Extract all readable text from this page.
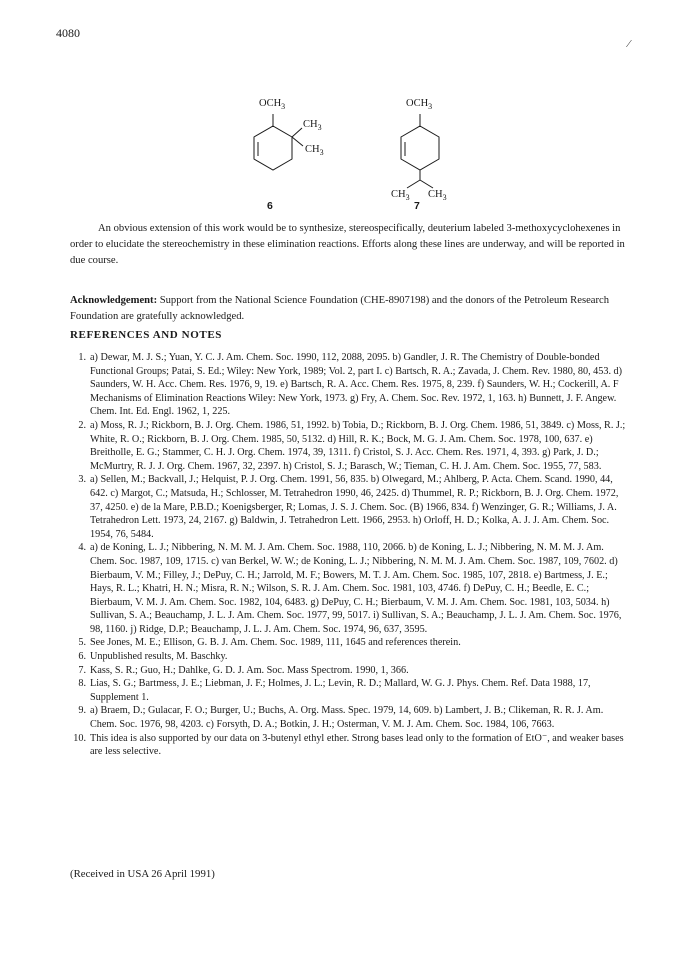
4080
⁄
$OCH_3$
$CH_3$
$CH_3$
6
$OCH_3$
$CH_3$ $CH_3$
7

An obvious extension of this work would be to synthesize, stereospecifically, deuterium labeled 3-methoxycyclohexenes in order to elucidate the stereochemistry in these elimination reactions. Efforts along these lines are underway, and will be reported in due course.

Acknowledgement: Support from the National Science Foundation (CHE-8907198) and the donors of the Petroleum Research Foundation are gratefully acknowledged.

REFERENCES AND NOTES
1. a) Dewar, M. J. S.; Yuan, Y. C. J. Am. Chem. Soc. 1990, 112, 2088, 2095. b) Gandler, J. R. The Chemistry of Double-bonded Functional Groups; Patai, S. Ed.; Wiley: New York, 1989; Vol. 2, part I. c) Bartsch, R. A.; Zavada, J. Chem. Rev. 1980, 80, 453. d) Saunders, W. H. Acc. Chem. Res. 1976, 9, 19. e) Bartsch, R. A. Acc. Chem. Res. 1975, 8, 239. f) Saunders, W. H.; Cockerill, A. F Mechanisms of Elimination Reactions Wiley: New York, 1973. g) Fry, A. Chem. Soc. Rev. 1972, 1, 163. h) Bunnett, J. F. Angew. Chem. Int. Ed. Engl. 1962, 1, 225.
2. a) Moss, R. J.; Rickborn, B. J. Org. Chem. 1986, 51, 1992. b) Tobia, D.; Rickborn, B. J. Org. Chem. 1986, 51, 3849. c) Moss, R. J.; White, R. O.; Rickborn, B. J. Org. Chem. 1985, 50, 5132. d) Hill, R. K.; Bock, M. G. J. Am. Chem. Soc. 1978, 100, 637. e) Breitholle, E. G.; Stammer, C. H. J. Org. Chem. 1974, 39, 1311. f) Cristol, S. J. Acc. Chem. Res. 1971, 4, 393. g) Park, J. D.; McMurtry, R. J. J. Org. Chem. 1967, 32, 2397. h) Cristol, S. J.; Barasch, W.; Tieman, C. H. J. Am. Chem. Soc. 1955, 77, 583.
3. a) Sellen, M.; Backvall, J.; Helquist, P. J. Org. Chem. 1991, 56, 835. b) Olwegard, M.; Ahlberg, P. Acta. Chem. Scand. 1990, 44, 642. c) Margot, C.; Matsuda, H.; Schlosser, M. Tetrahedron 1990, 46, 2425. d) Thummel, R. P.; Rickborn, B. J. Org. Chem. 1972, 37, 4250. e) de la Mare, P.B.D.; Koenigsberger, R; Lomas, J. S. J. Chem. Soc. (B) 1966, 834. f) Wenzinger, G. R.; Williams, J. A. Tetrahedron Lett. 1973, 24, 2167. g) Baldwin, J. Tetrahedron Lett. 1966, 2953. h) Orloff, H. D.; Kolka, A. J. J. Am. Chem. Soc. 1954, 76, 5484.
4. a) de Koning, L. J.; Nibbering, N. M. M. J. Am. Chem. Soc. 1988, 110, 2066. b) de Koning, L. J.; Nibbering, N. M. M. J. Am. Chem. Soc. 1987, 109, 1715. c) van Berkel, W. W.; de Koning, L. J.; Nibbering, N. M. M. J. Am. Chem. Soc. 1987, 109, 7602. d) Bierbaum, V. M.; Filley, J.; DePuy, C. H.; Jarrold, M. F.; Bowers, M. T. J. Am. Chem. Soc. 1985, 107, 2818. e) Bartmess, J. E.; Hays, R. L.; Khatri, H. N.; Misra, R. N.; Wilson, S. R. J. Am. Chem. Soc. 1981, 103, 4746. f) DePuy, C. H.; Beedle, E. C.; Bierbaum, V. M. J. Am. Chem. Soc. 1982, 104, 6483. g) DePuy, C. H.; Bierbaum, V. M. J. Am. Chem. Soc. 1981, 103, 5034. h) Sullivan, S. A.; Beauchamp, J. L. J. Am. Chem. Soc. 1977, 99, 5017. i) Sullivan, S. A.; Beauchamp, J. L. J. Am. Chem. Soc. 1976, 98, 1160. j) Ridge, D.P.; Beauchamp, J. L. J. Am. Chem. Soc. 1974, 96, 637, 3595.
5. See Jones, M. E.; Ellison, G. B. J. Am. Chem. Soc. 1989, 111, 1645 and references therein.
6. Unpublished results, M. Baschky.
7. Kass, S. R.; Guo, H.; Dahlke, G. D. J. Am. Soc. Mass Spectrom. 1990, 1, 366.
8. Lias, S. G.; Bartmess, J. E.; Liebman, J. F.; Holmes, J. L.; Levin, R. D.; Mallard, W. G. J. Phys. Chem. Ref. Data 1988, 17, Supplement 1.
9. a) Braem, D.; Gulacar, F. O.; Burger, U.; Buchs, A. Org. Mass. Spec. 1979, 14, 609. b) Lambert, J. B.; Clikeman, R. R. J. Am. Chem. Soc. 1976, 98, 4203. c) Forsyth, D. A.; Botkin, J. H.; Osterman, V. M. J. Am. Chem. Soc. 1984, 106, 7663.
10. This idea is also supported by our data on 3-butenyl ethyl ether. Strong bases lead only to the formation of EtO⁻, and weaker bases are less selective.
(Received in USA 26 April 1991)
